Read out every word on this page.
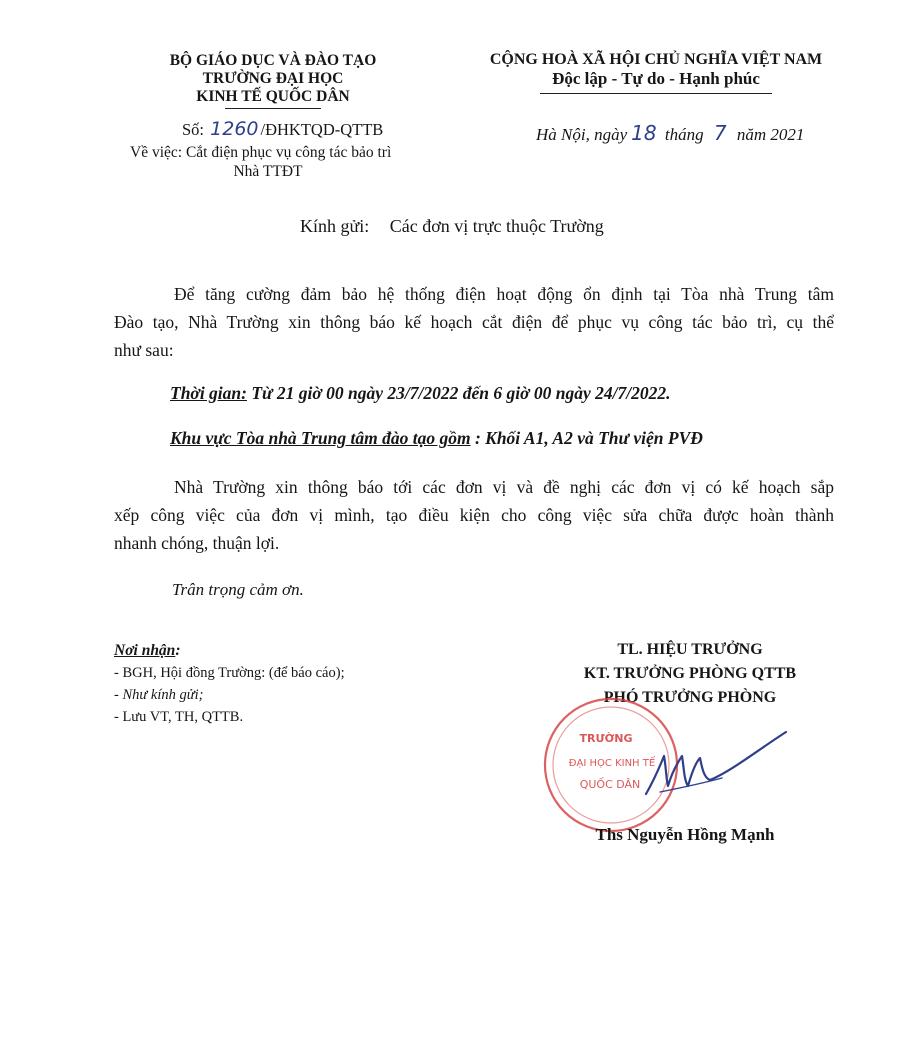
BỘ GIÁO DỤC VÀ ĐÀO TẠO
TRƯỜNG ĐẠI HỌC
KINH TẾ QUỐC DÂN
Số: 1260 /ĐHKTQD-QTTB
Về việc: Cắt điện phục vụ công tác bảo trì
Nhà TTĐT
CỘNG HOÀ XÃ HỘI CHỦ NGHĨA VIỆT NAM
Độc lập - Tự do - Hạnh phúc
Hà Nội, ngày 18 tháng 7 năm 2021
Kính gửi: Các đơn vị trực thuộc Trường
Để tăng cường đảm bảo hệ thống điện hoạt động ổn định tại Tòa nhà Trung tâm
Đào tạo, Nhà Trường xin thông báo kế hoạch cắt điện để phục vụ công tác bảo trì, cụ thể
như sau:
Thời gian: Từ 21 giờ 00 ngày 23/7/2022 đến 6 giờ 00 ngày 24/7/2022.
Khu vực Tòa nhà Trung tâm đào tạo gồm : Khối A1, A2 và Thư viện PVĐ
Nhà Trường xin thông báo tới các đơn vị và đề nghị các đơn vị có kế hoạch sắp
xếp công việc của đơn vị mình, tạo điều kiện cho công việc sửa chữa được hoàn thành
nhanh chóng, thuận lợi.
Trân trọng cảm ơn.
Nơi nhận:
- BGH, Hội đồng Trường: (để báo cáo);
- Như kính gửi;
- Lưu VT, TH, QTTB.
TL. HIỆU TRƯỞNG
KT. TRƯỞNG PHÒNG QTTB
PHÓ TRƯỞNG PHÒNG
TRƯỜNG
ĐẠI HỌC KINH TẾ
QUỐC DÂN
Ths Nguyễn Hồng Mạnh
